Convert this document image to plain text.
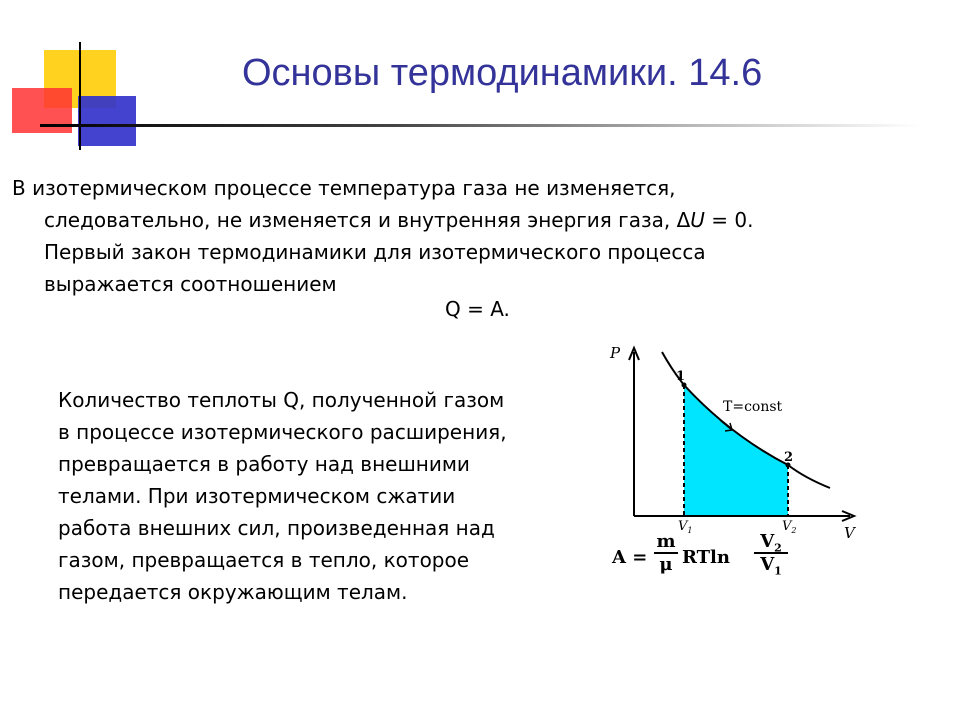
Основы термодинамики. 14.6

В изотермическом процессе температура газа не изменяется,
следовательно, не изменяется и внутренняя энергия газа, ΔU = 0.
Первый закон термодинамики для изотермического процесса
выражается соотношением

Q = A.

Количество теплоты Q, полученной газом
в процессе изотермического расширения,
превращается в работу над внешними
телами. При изотермическом сжатии
работа внешних сил, произведенная над
газом, превращается в тепло, которое
передается окружающим телам.

P
V
T=const
1
2
$V_1$	$V_2$
$A = \frac{m}{\mu}$ RTln $\frac{V_2}{V_1}$
